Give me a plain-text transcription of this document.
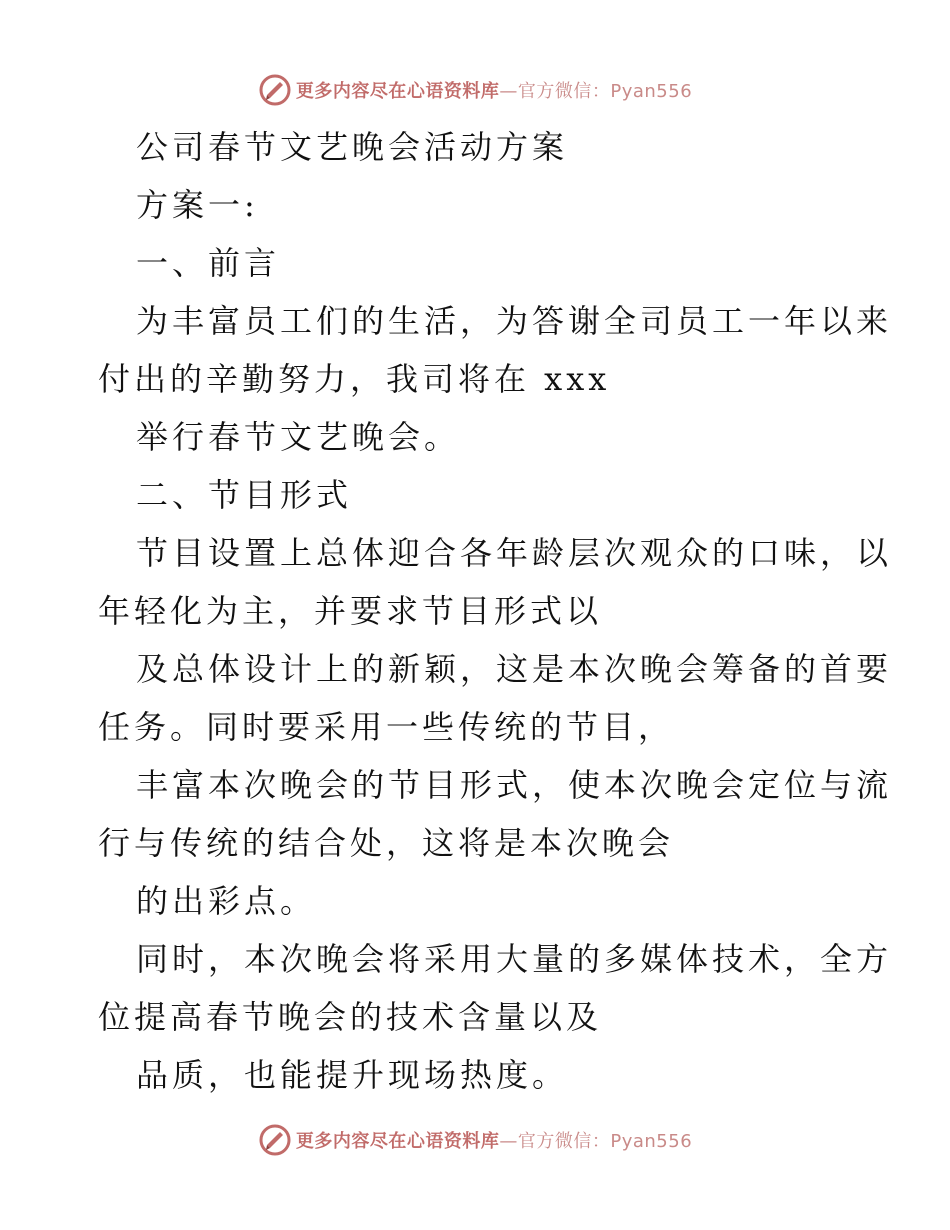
更多内容尽在心语资料库—官方微信：Pyan556
公司春节文艺晚会活动方案
方案一:
一、前言
为丰富员工们的生活，为答谢全司员工一年以来
付出的辛勤努力，我司将在 xxx
举行春节文艺晚会。
二、节目形式
节目设置上总体迎合各年龄层次观众的口味，以
年轻化为主，并要求节目形式以
及总体设计上的新颖，这是本次晚会筹备的首要
任务。同时要采用一些传统的节目，
丰富本次晚会的节目形式，使本次晚会定位与流
行与传统的结合处，这将是本次晚会
的出彩点。
同时，本次晚会将采用大量的多媒体技术，全方
位提高春节晚会的技术含量以及
品质，也能提升现场热度。
更多内容尽在心语资料库—官方微信：Pyan556
